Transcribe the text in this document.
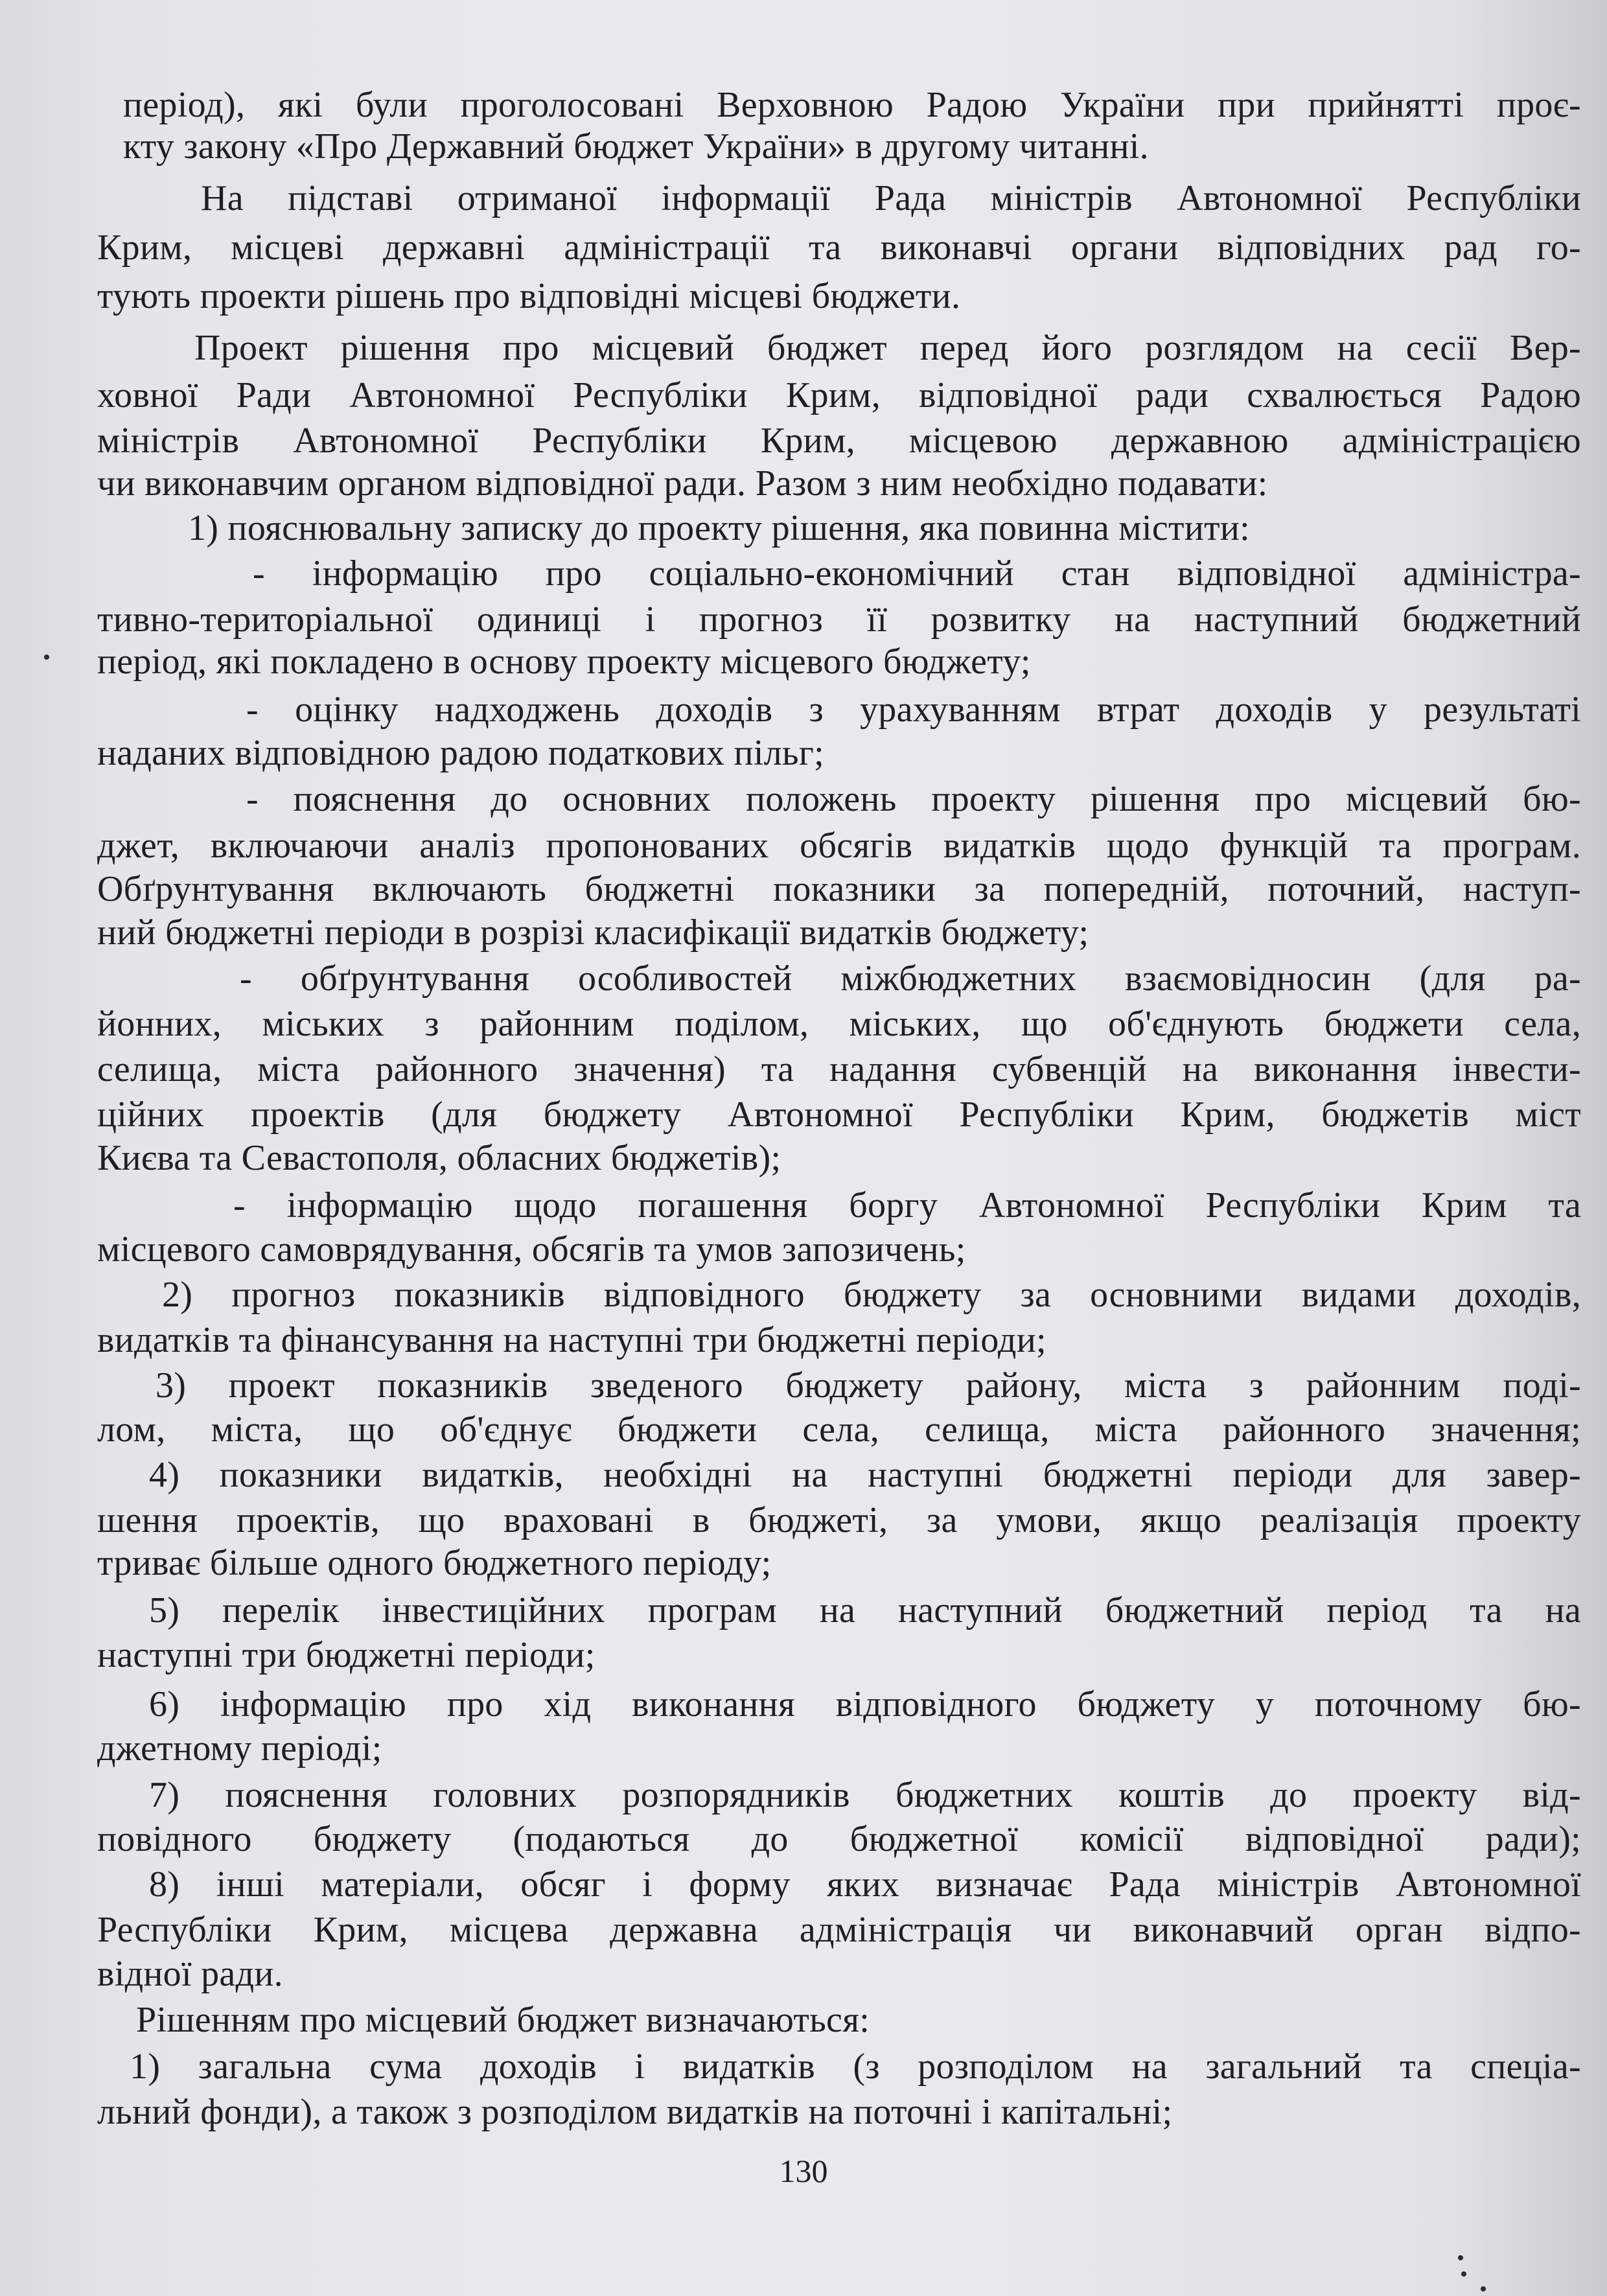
період), які були проголосовані Верховною Радою України при прийнятті проє-
кту закону «Про Державний бюджет України» в другому читанні.
На підставі отриманої інформації Рада міністрів Автономної Республіки
Крим, місцеві державні адміністрації та виконавчі органи відповідних рад го-
тують проекти рішень про відповідні місцеві бюджети.
Проект рішення про місцевий бюджет перед його розглядом на сесії Вер-
ховної Ради Автономної Республіки Крим, відповідної ради схвалюється Радою
міністрів Автономної Республіки Крим, місцевою державною адміністрацією
чи виконавчим органом відповідної ради. Разом з ним необхідно подавати:
1) пояснювальну записку до проекту рішення, яка повинна містити:
- інформацію про соціально-економічний стан відповідної адміністра-
тивно-територіальної одиниці і прогноз її розвитку на наступний бюджетний
період, які покладено в основу проекту місцевого бюджету;
- оцінку надходжень доходів з урахуванням втрат доходів у результаті
наданих відповідною радою податкових пільг;
- пояснення до основних положень проекту рішення про місцевий бю-
джет, включаючи аналіз пропонованих обсягів видатків щодо функцій та програм.
Обґрунтування включають бюджетні показники за попередній, поточний, наступ-
ний бюджетні періоди в розрізі класифікації видатків бюджету;
- обґрунтування особливостей міжбюджетних взаємовідносин (для ра-
йонних, міських з районним поділом, міських, що об'єднують бюджети села,
селища, міста районного значення) та надання субвенцій на виконання інвести-
ційних проектів (для бюджету Автономної Республіки Крим, бюджетів міст
Києва та Севастополя, обласних бюджетів);
- інформацію щодо погашення боргу Автономної Республіки Крим та
місцевого самоврядування, обсягів та умов запозичень;
2) прогноз показників відповідного бюджету за основними видами доходів,
видатків та фінансування на наступні три бюджетні періоди;
3) проект показників зведеного бюджету району, міста з районним поді-
лом, міста, що об'єднує бюджети села, селища, міста районного значення;
4) показники видатків, необхідні на наступні бюджетні періоди для завер-
шення проектів, що враховані в бюджеті, за умови, якщо реалізація проекту
триває більше одного бюджетного періоду;
5) перелік інвестиційних програм на наступний бюджетний період та на
наступні три бюджетні періоди;
6) інформацію про хід виконання відповідного бюджету у поточному бю-
джетному періоді;
7) пояснення головних розпорядників бюджетних коштів до проекту від-
повідного бюджету (подаються до бюджетної комісії відповідної ради);
8) інші матеріали, обсяг і форму яких визначає Рада міністрів Автономної
Республіки Крим, місцева державна адміністрація чи виконавчий орган відпо-
відної ради.
Рішенням про місцевий бюджет визначаються:
1) загальна сума доходів і видатків (з розподілом на загальний та спеціа-
льний фонди), а також з розподілом видатків на поточні і капітальні;
130
